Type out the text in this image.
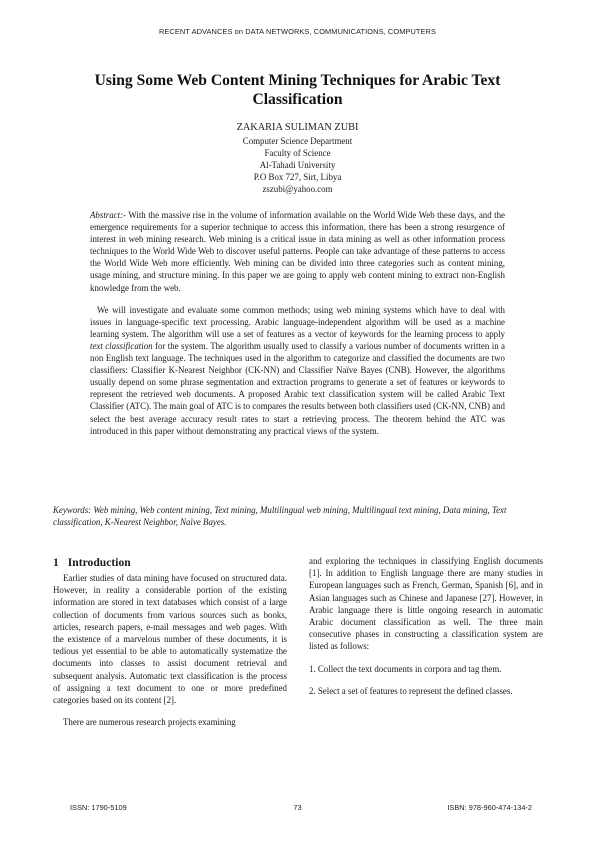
RECENT ADVANCES on DATA NETWORKS, COMMUNICATIONS, COMPUTERS
Using Some Web Content Mining Techniques for Arabic Text Classification
ZAKARIA SULIMAN ZUBI
Computer Science Department
Faculty of Science
Al-Tahadi University
P.O Box 727, Sirt, Libya
zszubi@yahoo.com

Abstract:- With the massive rise in the volume of information available on the World Wide Web these days, and the emergence requirements for a superior technique to access this information, there has been a strong resurgence of interest in web mining research. Web mining is a critical issue in data mining as well as other information process techniques to the World Wide Web to discover useful patterns. People can take advantage of these patterns to access the World Wide Web more efficiently. Web mining can be divided into three categories such as content mining, usage mining, and structure mining. In this paper we are going to apply web content mining to extract non-English knowledge from the web.

We will investigate and evaluate some common methods; using web mining systems which have to deal with issues in language-specific text processing. Arabic language-independent algorithm will be used as a machine learning system. The algorithm will use a set of features as a vector of keywords for the learning process to apply text classification for the system. The algorithm usually used to classify a various number of documents written in a non English text language. The techniques used in the algorithm to categorize and classified the documents are two classifiers: Classifier K-Nearest Neighbor (CK-NN) and Classifier Naïve Bayes (CNB). However, the algorithms usually depend on some phrase segmentation and extraction programs to generate a set of features or keywords to represent the retrieved web documents. A proposed Arabic text classification system will be called Arabic Text Classifier (ATC). The main goal of ATC is to compares the results between both classifiers used (CK-NN, CNB) and select the best average accuracy result rates to start a retrieving process. The theorem behind the ATC was introduced in this paper without demonstrating any practical views of the system.

Keywords: Web mining, Web content mining, Text mining, Multilingual web mining, Multilingual text mining, Data mining, Text classification, K-Nearest Neighbor, Naïve Bayes.
1 Introduction

Earlier studies of data mining have focused on structured data. However, in reality a considerable portion of the existing information are stored in text databases which consist of a large collection of documents from various sources such as books, articles, research papers, e-mail messages and web pages. With the existence of a marvelous number of these documents, it is tedious yet essential to be able to automatically systematize the documents into classes to assist document retrieval and subsequent analysis. Automatic text classification is the process of assigning a text document to one or more predefined categories based on its content [2].

There are numerous research projects examining

and exploring the techniques in classifying English documents [1]. In addition to English language there are many studies in European languages such as French, German, Spanish [6], and in Asian languages such as Chinese and Japanese [27]. However, in Arabic language there is little ongoing research in automatic Arabic document classification as well. The three main consecutive phases in constructing a classification system are listed as follows:

1. Collect the text documents in corpora and tag them.

2. Select a set of features to represent the defined classes.

ISSN: 1790-5109	73	ISBN: 978-960-474-134-2
